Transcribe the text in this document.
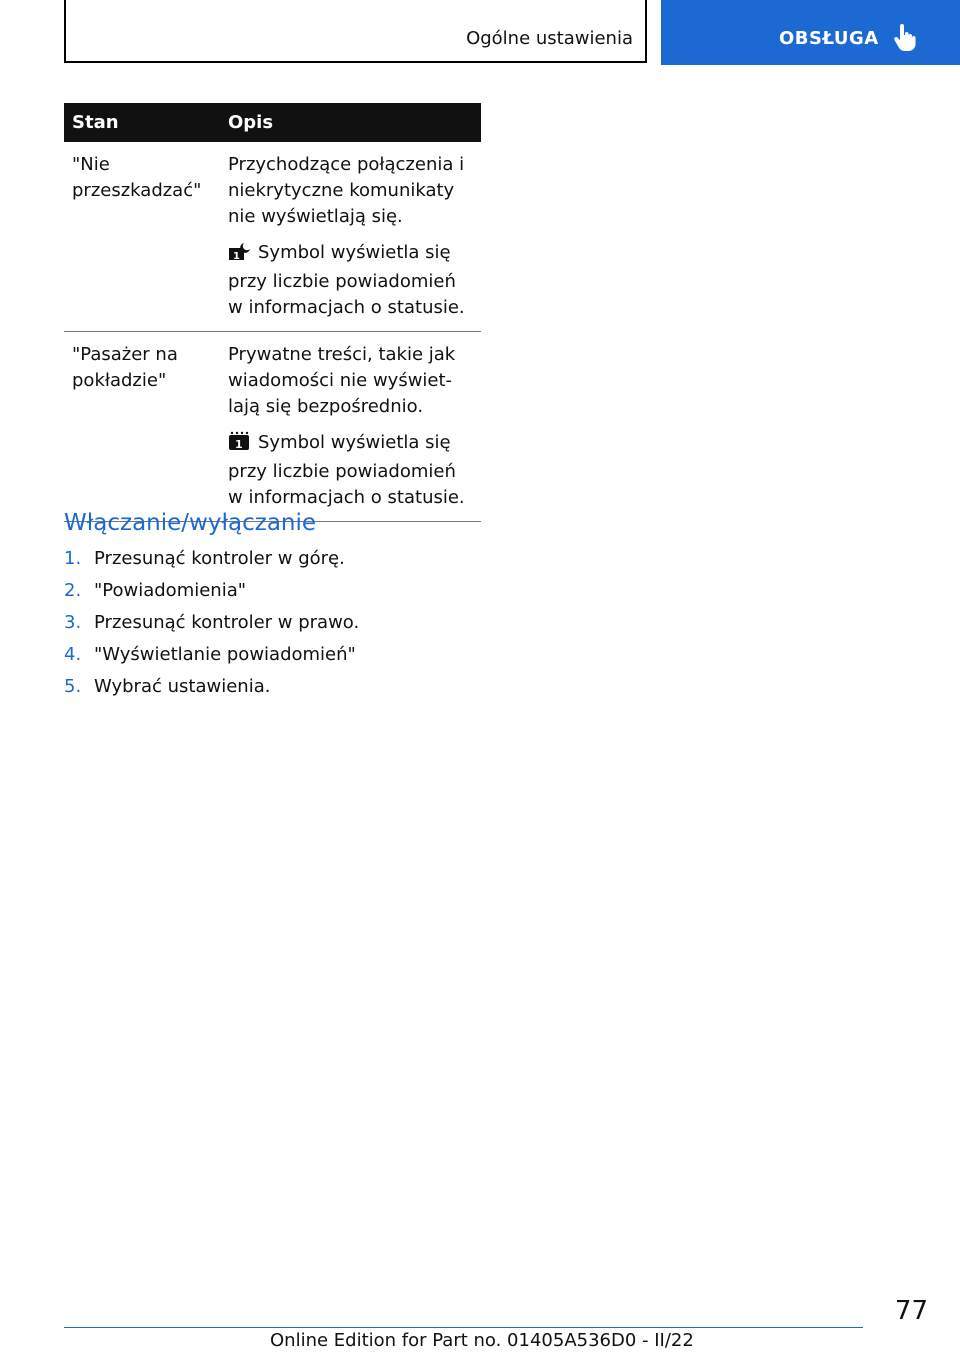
Ogólne ustawienia	OBSŁUGA
Stan	Opis
"Nie przeszkadzać"	Przychodzące połączenia i niekrytyczne komunikaty nie wyświetlają się.

1 Symbol wyświetla się przy liczbie powiadomień w informacjach o statusie.

"Pasażer na pokładzie"	Prywatne treści, takie jak wiadomości nie wyświet-lają się bezpośrednio.

1 Symbol wyświetla się przy liczbie powiadomień w informacjach o statusie.

Włączanie/wyłączanie
1. Przesunąć kontroler w górę.
2. "Powiadomienia"
3. Przesunąć kontroler w prawo.
4. "Wyświetlanie powiadomień"
5. Wybrać ustawienia.
77
Online Edition for Part no. 01405A536D0 - II/22
